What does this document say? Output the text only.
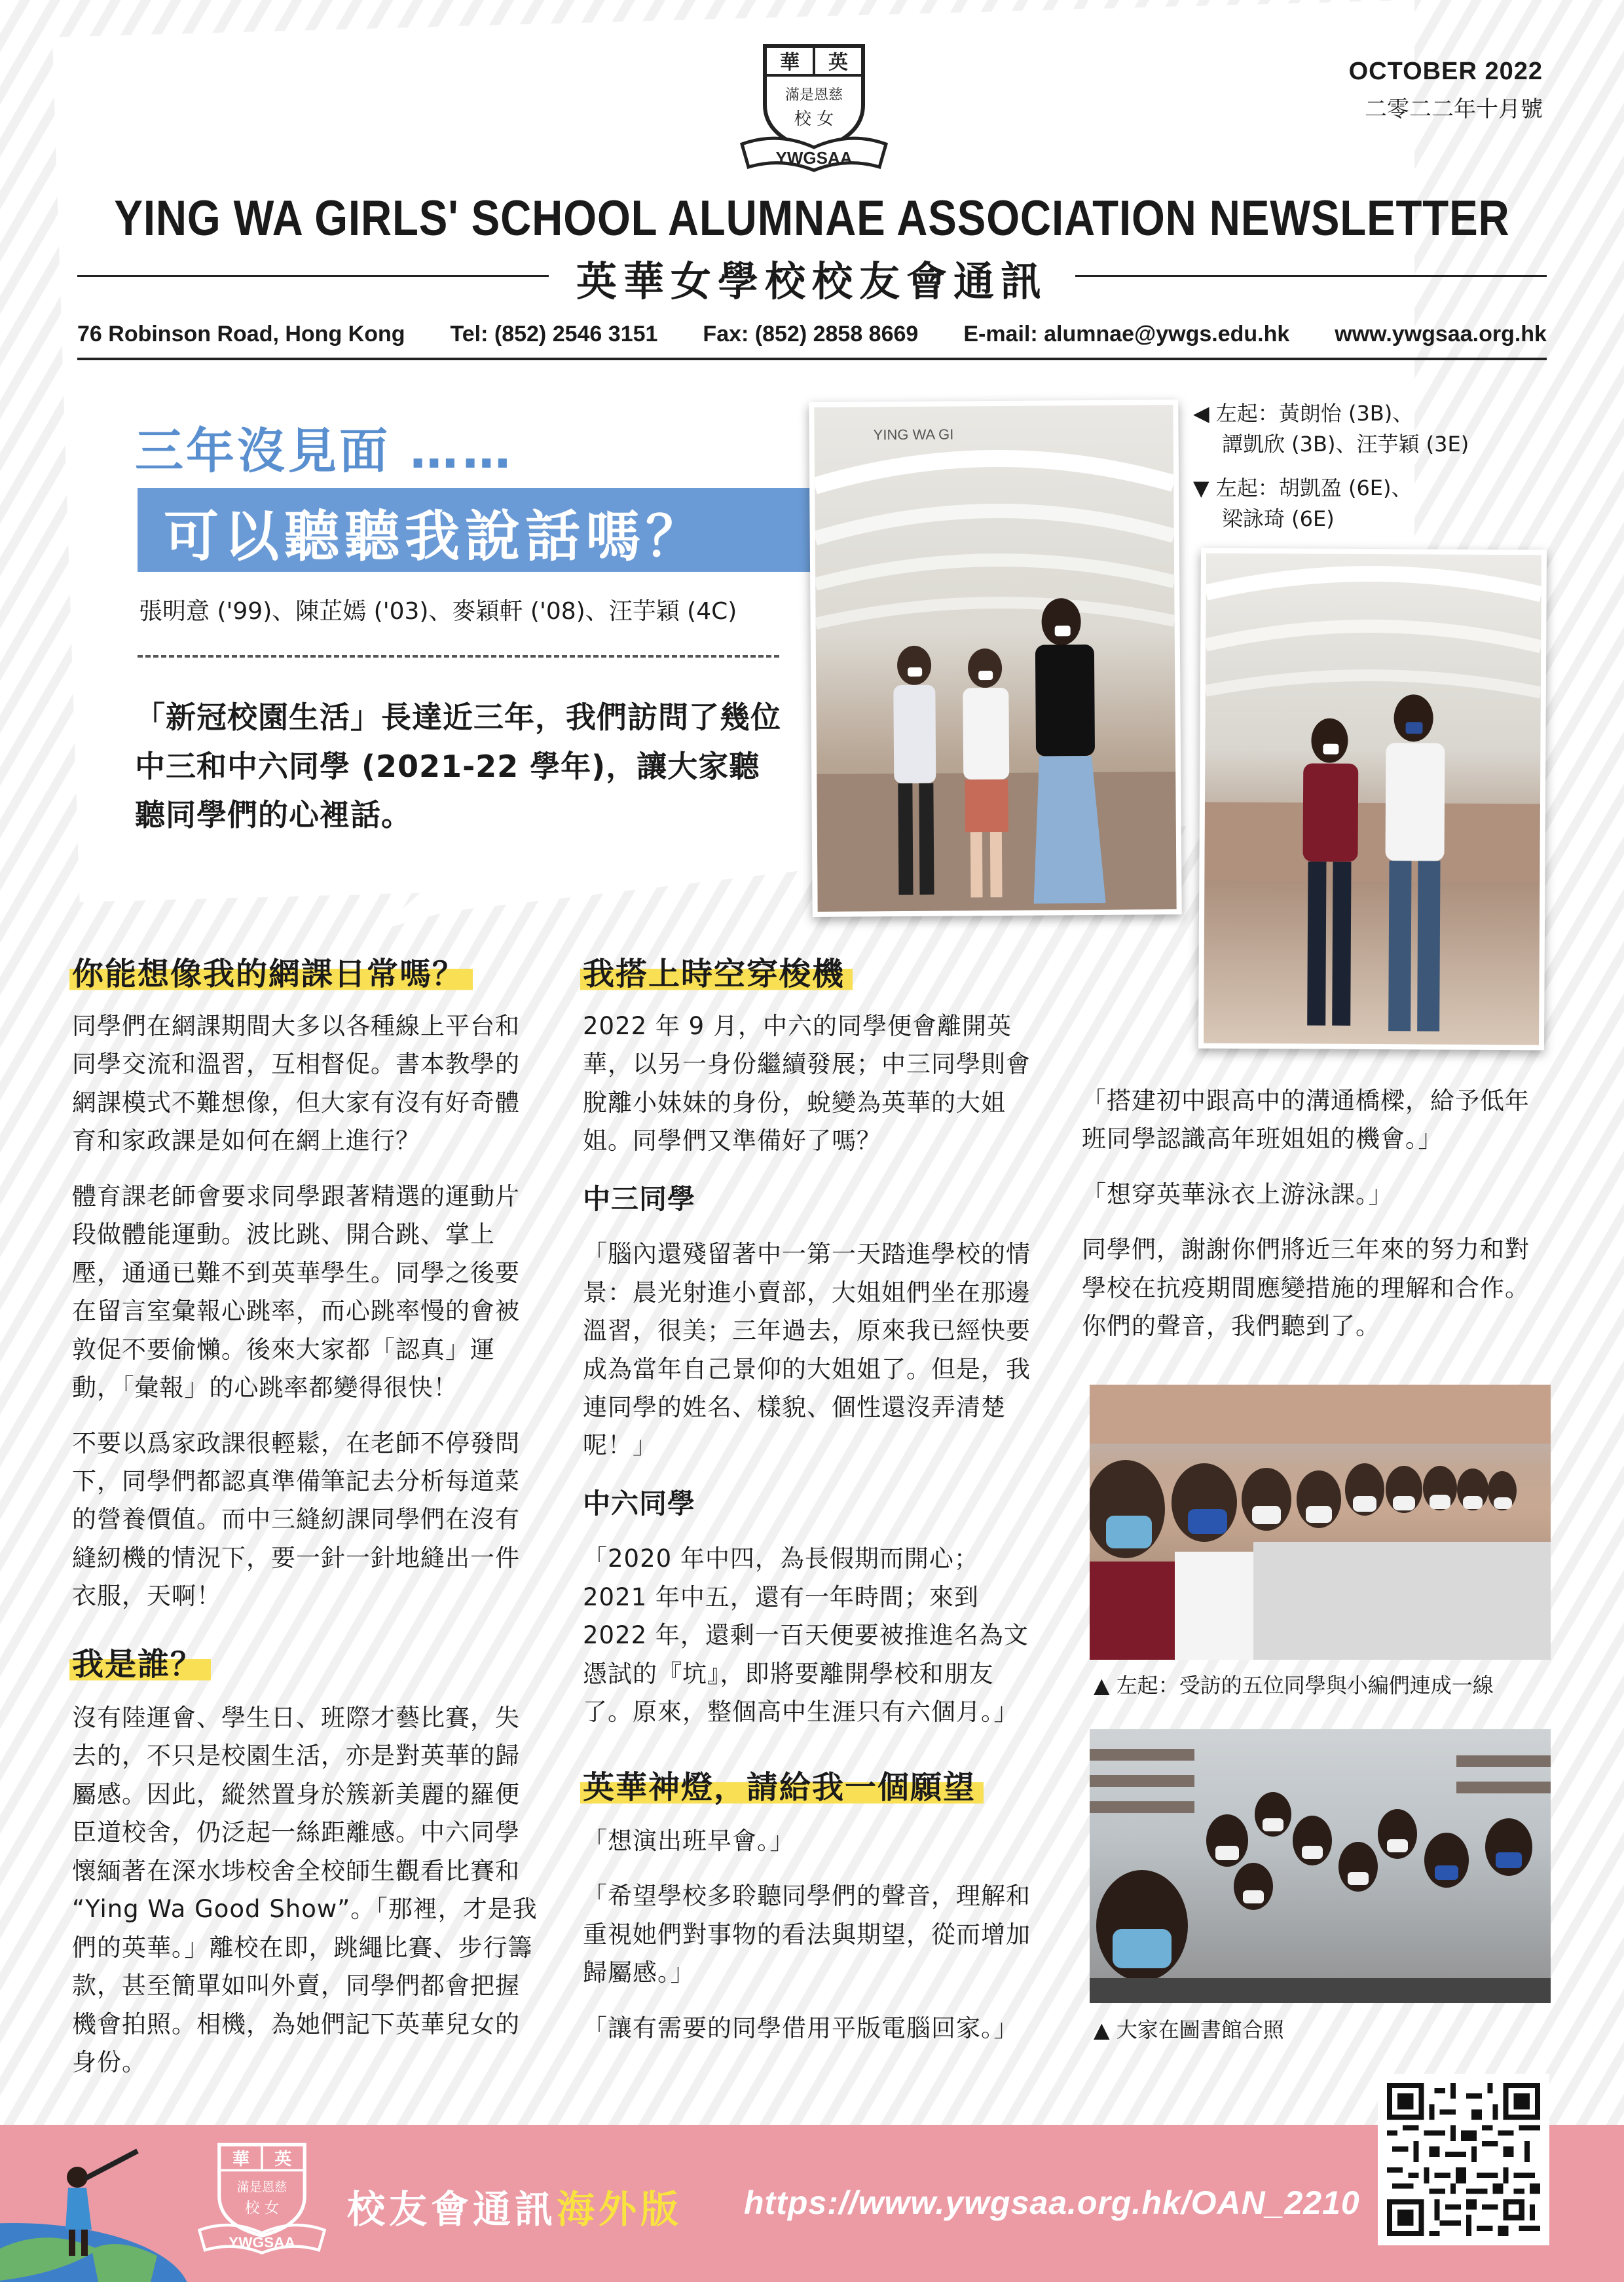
華 英
滿是恩慈
校 女
YWGSAA
OCTOBER 2022
二零二二年十月號
YING WA GIRLS' SCHOOL ALUMNAE ASSOCIATION NEWSLETTER
英華女學校校友會通訊
76 Robinson Road, Hong Kong Tel: (852) 2546 3151 Fax: (852) 2858 8669 E-mail: alumnae@ywgs.edu.hk www.ywgsaa.org.hk
三年沒見面 ……
可以聽聽我說話嗎？
張明意 ('99)、陳芷嫣 ('03)、麥穎軒 ('08)、汪芋穎 (4C)
「新冠校園生活」長達近三年，我們訪問了幾位中三和中六同學 (2021-22 學年)，讓大家聽聽同學們的心裡話。
YING WA GI
◀ 左起：黃朗怡 (3B)、
譚凱欣 (3B)、汪芋穎 (3E)
▼ 左起：胡凱盈 (6E)、
梁詠琦 (6E)
你能想像我的網課日常嗎？

同學們在網課期間大多以各種線上平台和同學交流和溫習，互相督促。書本教學的網課模式不難想像，但大家有沒有好奇體育和家政課是如何在網上進行？

體育課老師會要求同學跟著精選的運動片段做體能運動。波比跳、開合跳、掌上壓，通通已難不到英華學生。同學之後要在留言室彙報心跳率，而心跳率慢的會被敦促不要偷懶。後來大家都「認真」運動，「彙報」的心跳率都變得很快！

不要以爲家政課很輕鬆，在老師不停發問下，同學們都認真準備筆記去分析每道菜的營養價值。而中三縫紉課同學們在沒有縫紉機的情況下，要一針一針地縫出一件衣服，天啊！

我是誰？

沒有陸運會、學生日、班際才藝比賽，失去的，不只是校園生活，亦是對英華的歸屬感。因此，縱然置身於簇新美麗的羅便臣道校舍，仍泛起一絲距離感。中六同學懷緬著在深水埗校舍全校師生觀看比賽和 “Ying Wa Good Show”。「那裡，才是我們的英華。」離校在即，跳繩比賽、步行籌款，甚至簡單如叫外賣，同學們都會把握機會拍照。相機，為她們記下英華兒女的身份。

我搭上時空穿梭機

2022 年 9 月，中六的同學便會離開英華，以另一身份繼續發展；中三同學則會脫離小妹妹的身份，蛻變為英華的大姐姐。同學們又準備好了嗎？

中三同學

「腦內還殘留著中一第一天踏進學校的情景：晨光射進小賣部，大姐姐們坐在那邊溫習，很美；三年過去，原來我已經快要成為當年自己景仰的大姐姐了。但是，我連同學的姓名、樣貌、個性還沒弄清楚呢！」

中六同學

「2020 年中四，為長假期而開心；2021 年中五，還有一年時間；來到 2022 年，還剩一百天便要被推進名為文憑試的『坑』，即將要離開學校和朋友了。原來，整個高中生涯只有六個月。」

英華神燈，請給我一個願望

「想演出班早會。」

「希望學校多聆聽同學們的聲音，理解和重視她們對事物的看法與期望，從而增加歸屬感。」

「讓有需要的同學借用平版電腦回家。」

「搭建初中跟高中的溝通橋樑，給予低年班同學認識高年班姐姐的機會。」

「想穿英華泳衣上游泳課。」

同學們，謝謝你們將近三年來的努力和對學校在抗疫期間應變措施的理解和合作。你們的聲音，我們聽到了。

▲ 左起：受訪的五位同學與小編們連成一線
▲ 大家在圖書館合照
華 英
滿是恩慈
校 女
YWGSAA
校友會通訊海外版 https://www.ywgsaa.org.hk/OAN_2210
